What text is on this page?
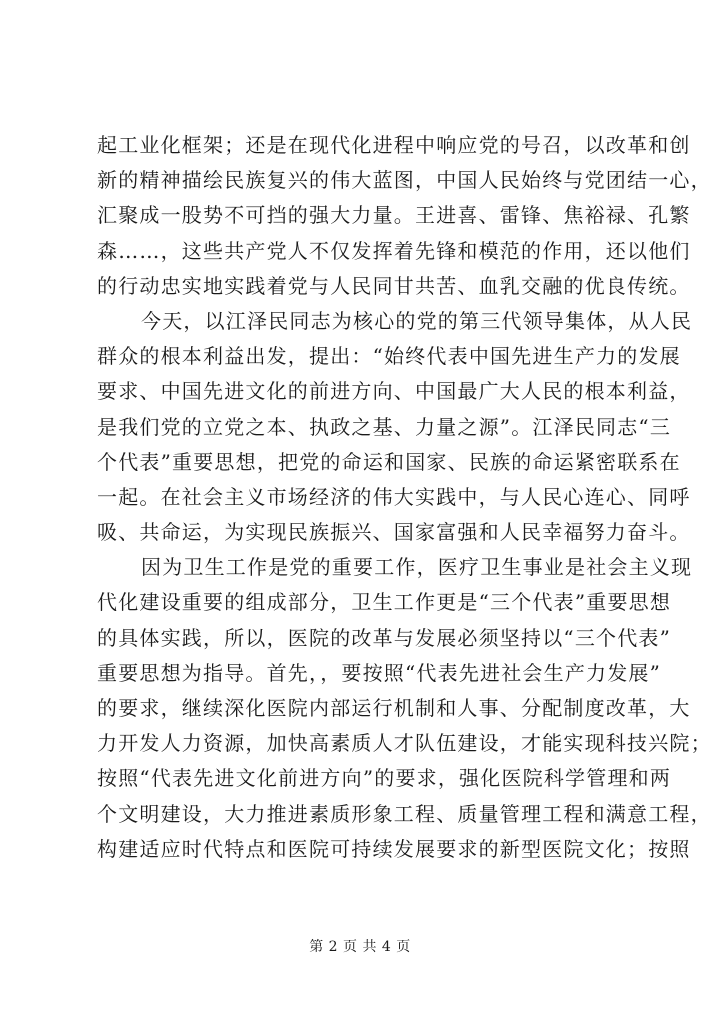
起工业化框架；还是在现代化进程中响应党的号召，以改革和创
新的精神描绘民族复兴的伟大蓝图，中国人民始终与党团结一心，
汇聚成一股势不可挡的强大力量。王进喜、雷锋、焦裕禄、孔繁
森……，这些共产党人不仅发挥着先锋和模范的作用，还以他们
的行动忠实地实践着党与人民同甘共苦、血乳交融的优良传统。
今天，以江泽民同志为核心的党的第三代领导集体，从人民
群众的根本利益出发，提出：“始终代表中国先进生产力的发展
要求、中国先进文化的前进方向、中国最广大人民的根本利益，
是我们党的立党之本、执政之基、力量之源”。江泽民同志“三
个代表”重要思想，把党的命运和国家、民族的命运紧密联系在
一起。在社会主义市场经济的伟大实践中，与人民心连心、同呼
吸、共命运，为实现民族振兴、国家富强和人民幸福努力奋斗。
因为卫生工作是党的重要工作，医疗卫生事业是社会主义现
代化建设重要的组成部分，卫生工作更是“三个代表”重要思想
的具体实践，所以，医院的改革与发展必须坚持以“三个代表”
重要思想为指导。首先，，要按照“代表先进社会生产力发展”
的要求，继续深化医院内部运行机制和人事、分配制度改革，大
力开发人力资源，加快高素质人才队伍建设，才能实现科技兴院；
按照“代表先进文化前进方向”的要求，强化医院科学管理和两
个文明建设，大力推进素质形象工程、质量管理工程和满意工程，
构建适应时代特点和医院可持续发展要求的新型医院文化；按照
第 2 页 共 4 页
